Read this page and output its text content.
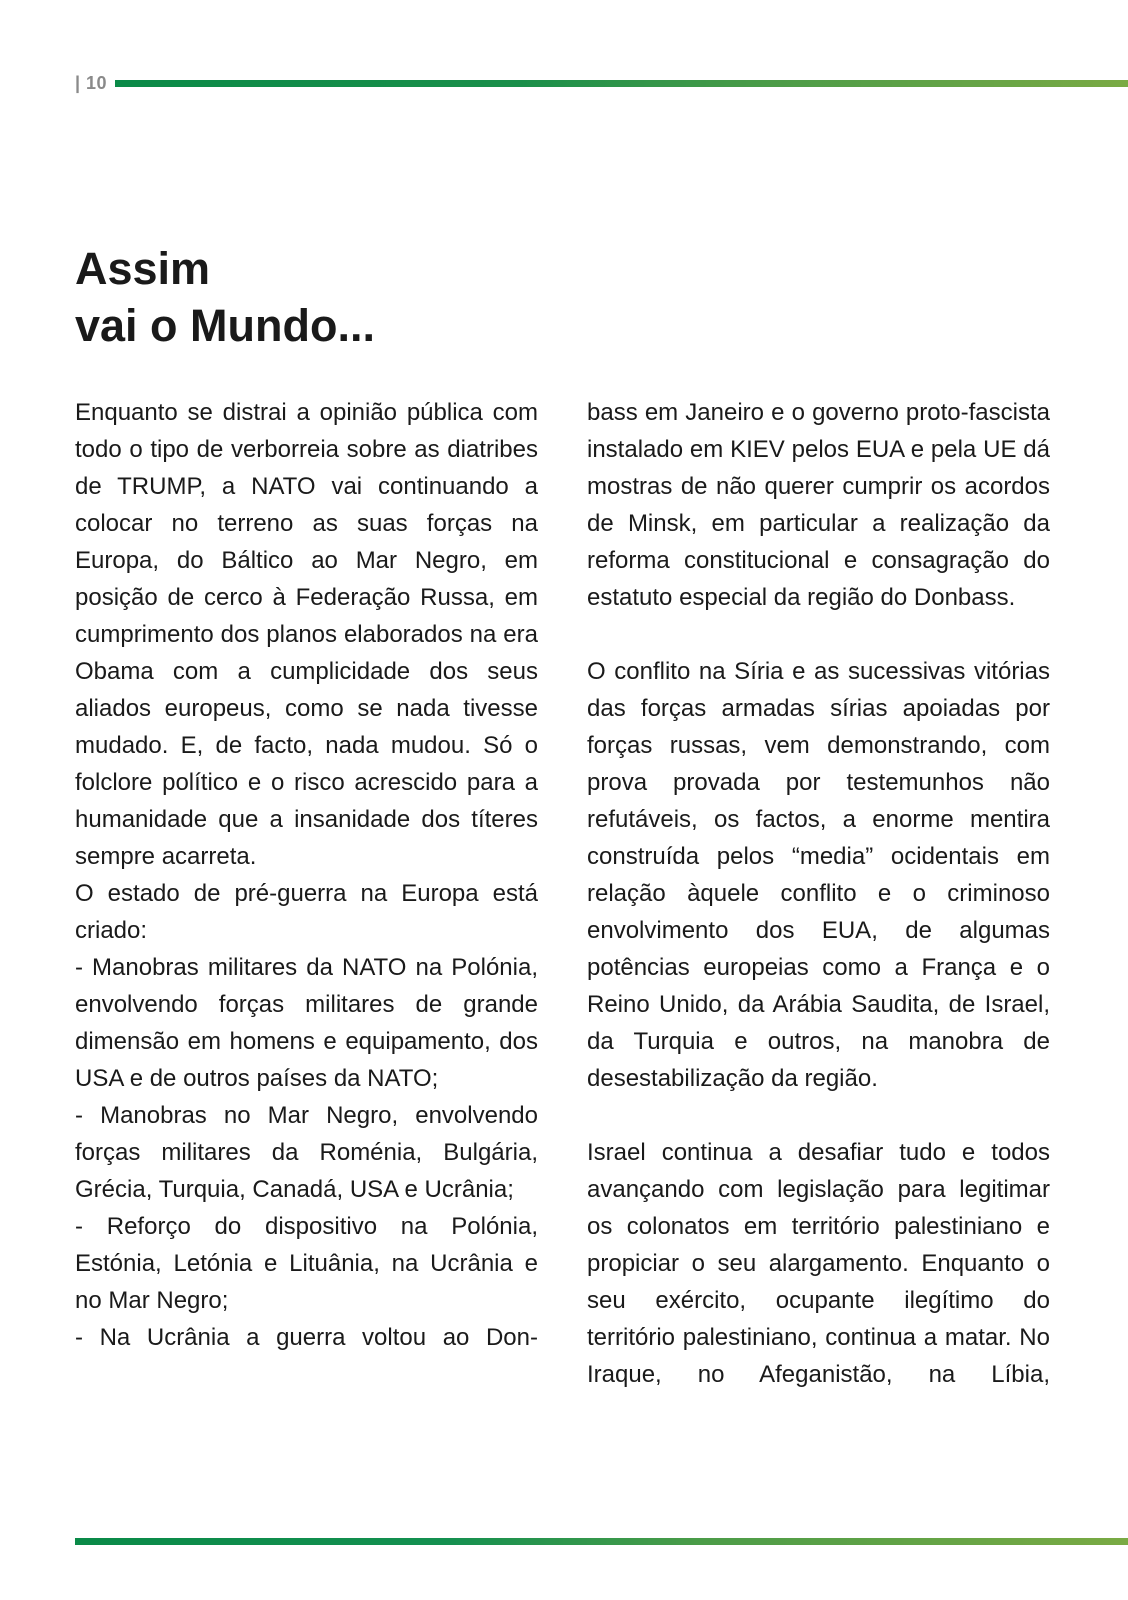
| 10
Assim
vai o Mundo...

Enquanto se distrai a opinião pública com todo o tipo de verborreia sobre as diatribes de TRUMP, a NATO vai continuando a colocar no terreno as suas forças na Europa, do Báltico ao Mar Negro, em posição de cerco à Federação Russa, em cumprimento dos planos elaborados na era Obama com a cumplicidade dos seus aliados europeus, como se nada tivesse mudado. E, de facto, nada mudou. Só o folclore político e o risco acrescido para a humanidade que a insanidade dos títeres sempre acarreta.

O estado de pré-guerra na Europa está criado:

- Manobras militares da NATO na Polónia, envolvendo forças militares de grande dimensão em homens e equipamento, dos USA e de outros países da NATO;

- Manobras no Mar Negro, envolvendo forças militares da Roménia, Bulgária, Grécia, Turquia, Canadá, USA e Ucrânia;

- Reforço do dispositivo na Polónia, Estónia, Letónia e Lituânia, na Ucrânia e no Mar Negro;

- Na Ucrânia a guerra voltou ao Don-

bass em Janeiro e o governo proto-fascista instalado em KIEV pelos EUA e pela UE dá mostras de não querer cumprir os acordos de Minsk, em particular a realização da reforma constitucional e consagração do estatuto especial da região do Donbass.

O conflito na Síria e as sucessivas vitórias das forças armadas sírias apoiadas por forças russas, vem demonstrando, com prova provada por testemunhos não refutáveis, os factos, a enorme mentira construída pelos “media” ocidentais em relação àquele conflito e o criminoso envolvimento dos EUA, de algumas potências europeias como a França e o Reino Unido, da Arábia Saudita, de Israel, da Turquia e outros, na manobra de desestabilização da região.

Israel continua a desafiar tudo e todos avançando com legislação para legitimar os colonatos em território palestiniano e propiciar o seu alargamento. Enquanto o seu exército, ocupante ilegítimo do território palestiniano, continua a matar. No Iraque, no Afeganistão, na Líbia,
